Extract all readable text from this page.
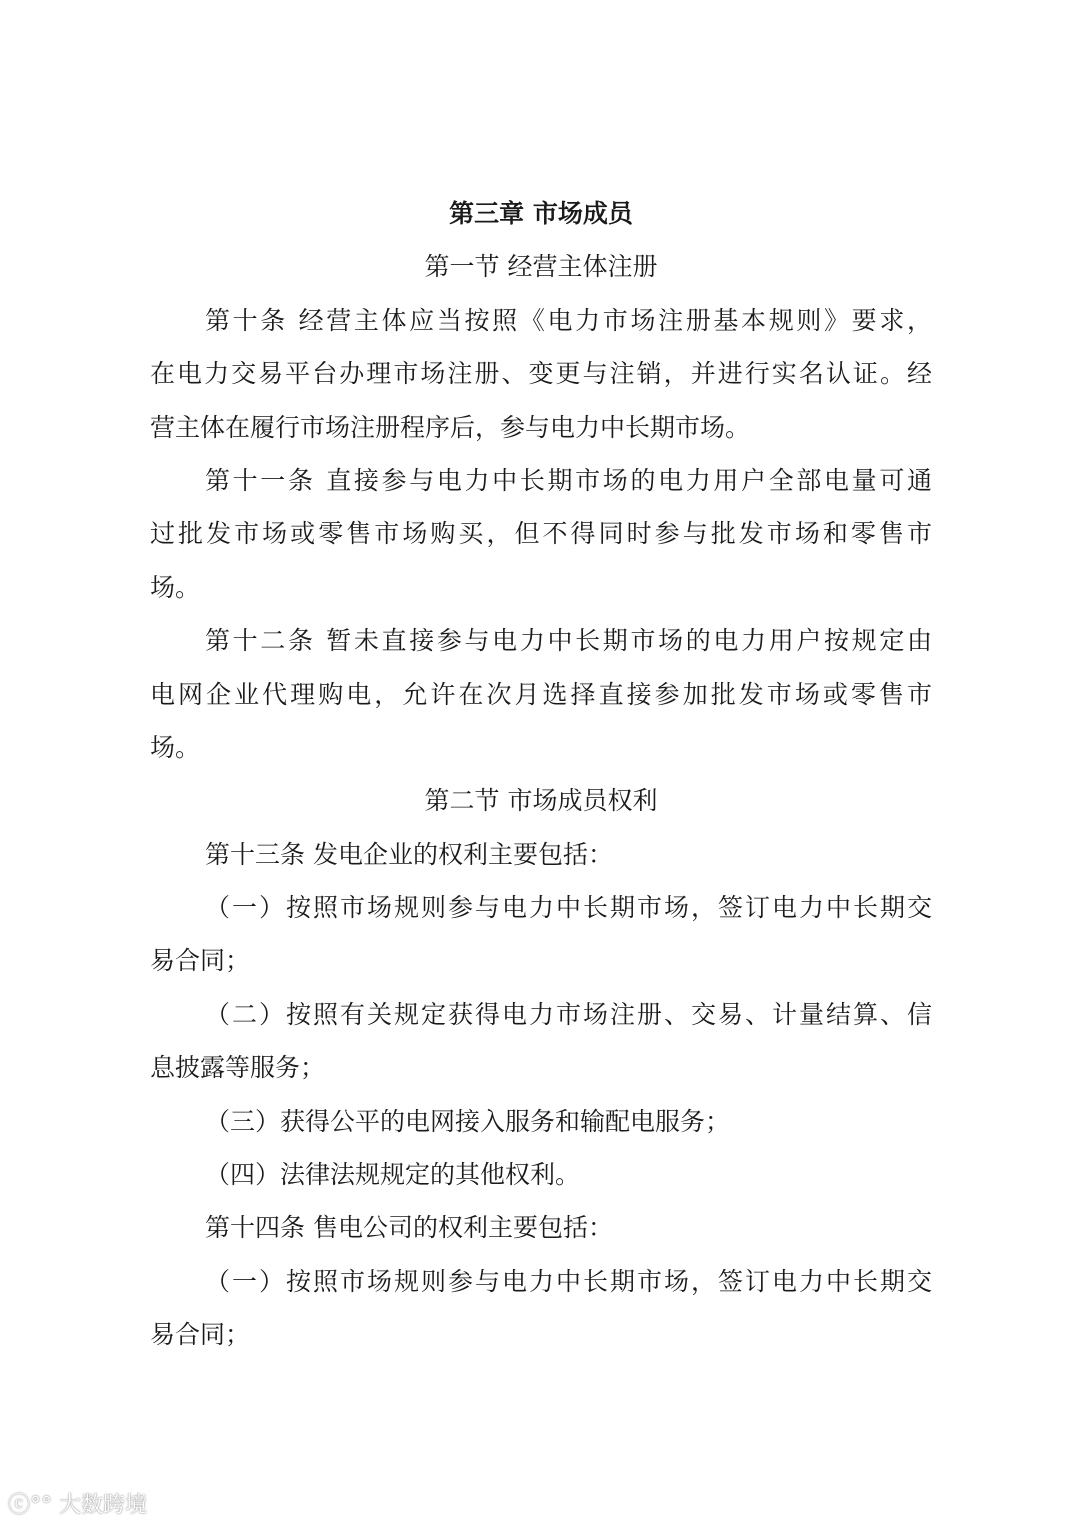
第三章 市场成员
第一节 经营主体注册
第十条 经营主体应当按照《电力市场注册基本规则》要求，
在电力交易平台办理市场注册、变更与注销，并进行实名认证。经
营主体在履行市场注册程序后，参与电力中长期市场。
第十一条 直接参与电力中长期市场的电力用户全部电量可通
过批发市场或零售市场购买，但不得同时参与批发市场和零售市
场。
第十二条 暂未直接参与电力中长期市场的电力用户按规定由
电网企业代理购电，允许在次月选择直接参加批发市场或零售市
场。
第二节 市场成员权利
第十三条 发电企业的权利主要包括：
（一）按照市场规则参与电力中长期市场，签订电力中长期交
易合同；
（二）按照有关规定获得电力市场注册、交易、计量结算、信
息披露等服务；
（三）获得公平的电网接入服务和输配电服务；
（四）法律法规规定的其他权利。
第十四条 售电公司的权利主要包括：
（一）按照市场规则参与电力中长期市场，签订电力中长期交
易合同；
ⓒ°° 大数跨境
